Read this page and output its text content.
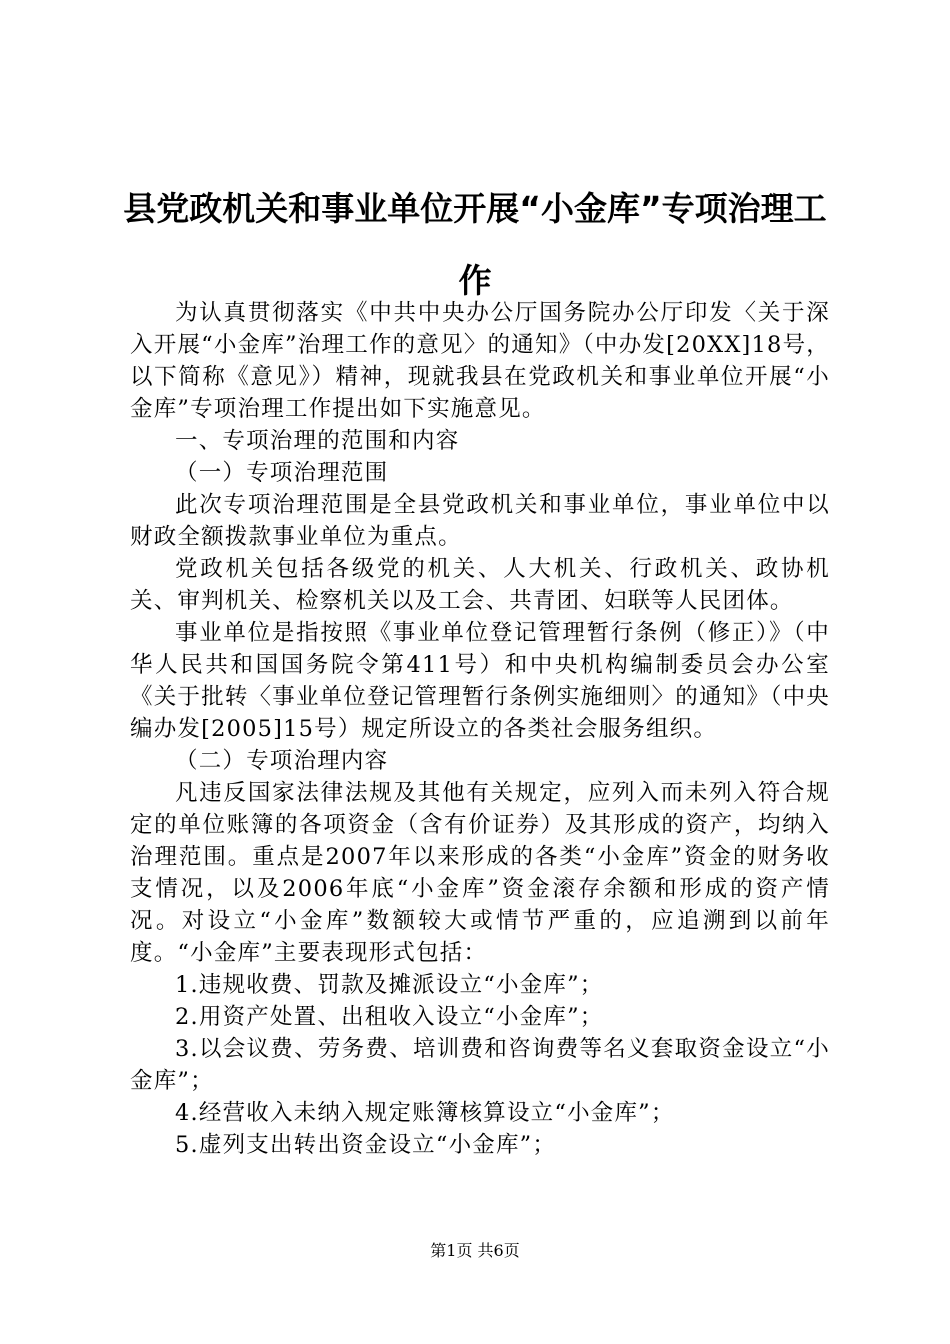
县党政机关和事业单位开展“小金库”专项治理工作

为认真贯彻落实《中共中央办公厅国务院办公厅印发〈关于深入开展“小金库”治理工作的意见〉的通知》（中办发[20XX]18号，以下简称《意见》）精神，现就我县在党政机关和事业单位开展“小金库”专项治理工作提出如下实施意见。

一、专项治理的范围和内容

（一）专项治理范围

此次专项治理范围是全县党政机关和事业单位，事业单位中以财政全额拨款事业单位为重点。

党政机关包括各级党的机关、人大机关、行政机关、政协机关、审判机关、检察机关以及工会、共青团、妇联等人民团体。

事业单位是指按照《事业单位登记管理暂行条例（修正）》（中华人民共和国国务院令第411号）和中央机构编制委员会办公室《关于批转〈事业单位登记管理暂行条例实施细则〉的通知》（中央编办发[2005]15号）规定所设立的各类社会服务组织。

（二）专项治理内容

凡违反国家法律法规及其他有关规定，应列入而未列入符合规定的单位账簿的各项资金（含有价证券）及其形成的资产，均纳入治理范围。重点是2007年以来形成的各类“小金库”资金的财务收支情况，以及2006年底“小金库”资金滚存余额和形成的资产情况。对设立“小金库”数额较大或情节严重的，应追溯到以前年度。“小金库”主要表现形式包括：

1.违规收费、罚款及摊派设立“小金库”；

2.用资产处置、出租收入设立“小金库”；

3.以会议费、劳务费、培训费和咨询费等名义套取资金设立“小金库”；

4.经营收入未纳入规定账簿核算设立“小金库”；

5.虚列支出转出资金设立“小金库”；

第1页 共6页
